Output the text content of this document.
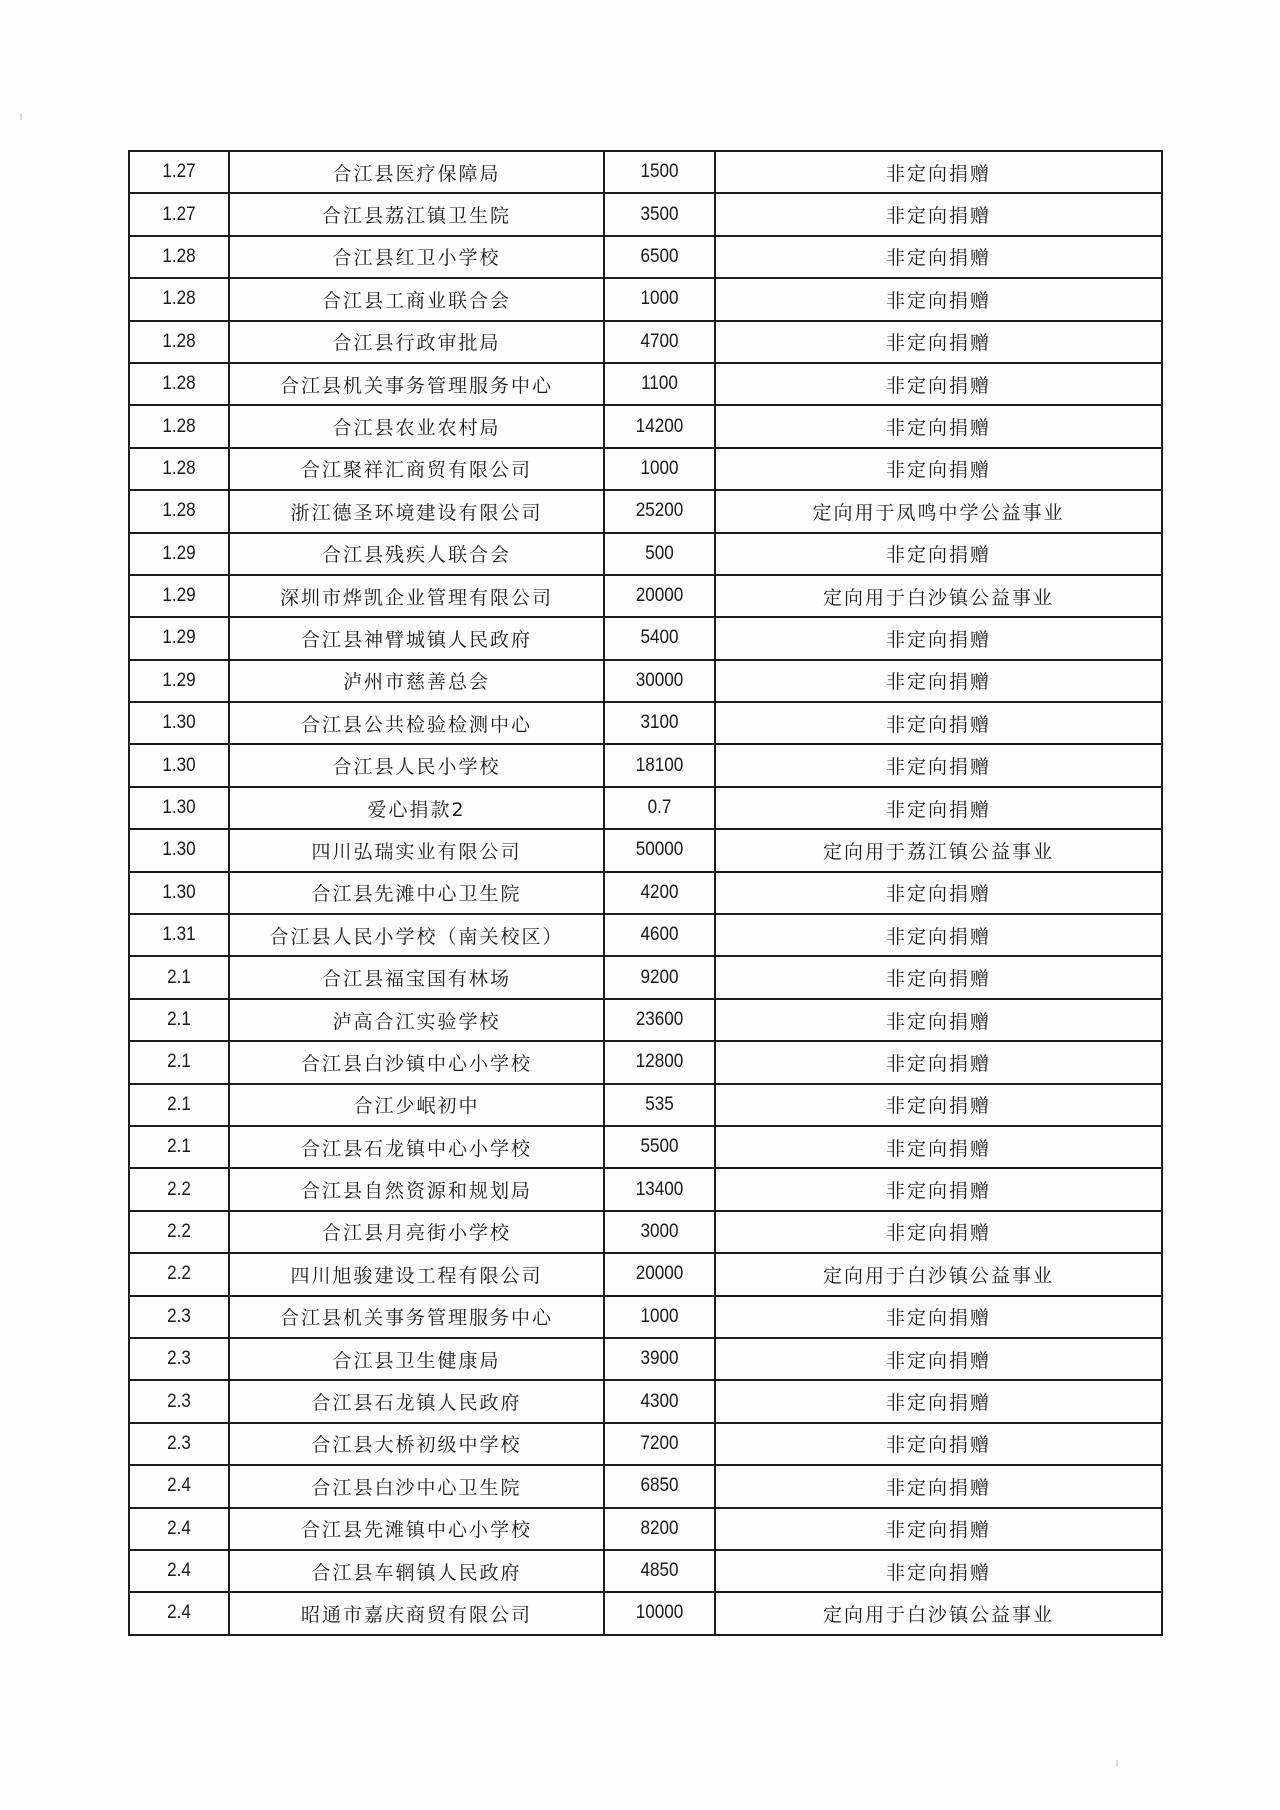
1.27	合江县医疗保障局	1500	非定向捐赠
1.27	合江县荔江镇卫生院	3500	非定向捐赠
1.28	合江县红卫小学校	6500	非定向捐赠
1.28	合江县工商业联合会	1000	非定向捐赠
1.28	合江县行政审批局	4700	非定向捐赠
1.28	合江县机关事务管理服务中心	1100	非定向捐赠
1.28	合江县农业农村局	14200	非定向捐赠
1.28	合江聚祥汇商贸有限公司	1000	非定向捐赠
1.28	浙江德圣环境建设有限公司	25200	定向用于凤鸣中学公益事业
1.29	合江县残疾人联合会	500	非定向捐赠
1.29	深圳市烨凯企业管理有限公司	20000	定向用于白沙镇公益事业
1.29	合江县神臂城镇人民政府	5400	非定向捐赠
1.29	泸州市慈善总会	30000	非定向捐赠
1.30	合江县公共检验检测中心	3100	非定向捐赠
1.30	合江县人民小学校	18100	非定向捐赠
1.30	爱心捐款2	0.7	非定向捐赠
1.30	四川弘瑞实业有限公司	50000	定向用于荔江镇公益事业
1.30	合江县先滩中心卫生院	4200	非定向捐赠
1.31	合江县人民小学校（南关校区）	4600	非定向捐赠
2.1	合江县福宝国有林场	9200	非定向捐赠
2.1	泸高合江实验学校	23600	非定向捐赠
2.1	合江县白沙镇中心小学校	12800	非定向捐赠
2.1	合江少岷初中	535	非定向捐赠
2.1	合江县石龙镇中心小学校	5500	非定向捐赠
2.2	合江县自然资源和规划局	13400	非定向捐赠
2.2	合江县月亮街小学校	3000	非定向捐赠
2.2	四川旭骏建设工程有限公司	20000	定向用于白沙镇公益事业
2.3	合江县机关事务管理服务中心	1000	非定向捐赠
2.3	合江县卫生健康局	3900	非定向捐赠
2.3	合江县石龙镇人民政府	4300	非定向捐赠
2.3	合江县大桥初级中学校	7200	非定向捐赠
2.4	合江县白沙中心卫生院	6850	非定向捐赠
2.4	合江县先滩镇中心小学校	8200	非定向捐赠
2.4	合江县车辋镇人民政府	4850	非定向捐赠
2.4	昭通市嘉庆商贸有限公司	10000	定向用于白沙镇公益事业
